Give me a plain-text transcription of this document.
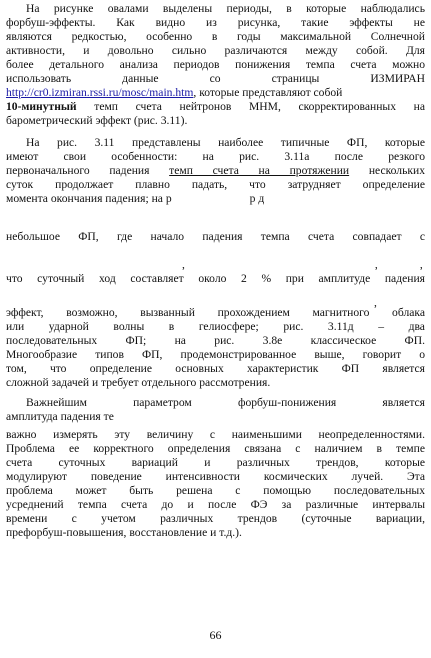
На рисунке овалами выделены периоды, в которые наблюдались
форбуш-эффекты. Как видно из рисунка, такие эффекты не
являются редкостью, особенно в годы максимальной Солнечной
активности, и довольно сильно различаются между собой. Для
более детального анализа периодов понижения темпа счета можно
использовать	данные	со	страницы	ИЗМИРАН
http://cr0.izmiran.rssi.ru/mosc/main.htm, которые представляют собой
10-минутный темп счета нейтронов МНМ, скорректированных на
барометрический эффект (рис. 3.11).
На рис. 3.11 представлены наиболее типичные ФП, которые
имеют свои особенности: на рис. 3.11а после резкого
первоначального падения темп счета на протяжении нескольких
суток продолжает плавно падать, что затрудняет определение
момента окончания падения; на р	р д
небольшое ФП, где начало падения темпа счета совпадает с
,	,	,
что суточный ход составляет около 2 % при амплитуде падения
,
эффект, возможно, вызванный прохождением магнитного облака
или ударной волны в гелиосфере; рис. 3.11д – два
последовательных ФП; на рис. 3.8е классическое ФП.
Многообразие типов ФП, продемонстрированное выше, говорит о
том, что определение основных характеристик ФП является
сложной задачей и требует отдельного рассмотрения.
Важнейшим	параметром	форбуш-понижения	является
амплитуда падения те
важно измерять эту величину с наименьшими неопределенностями.
Проблема ее корректного определения связана с наличием в темпе
счета суточных вариаций и различных трендов, которые
модулируют поведение интенсивности космических лучей. Эта
проблема может быть решена с помощью последовательных
усреднений темпа счета до и после ФЭ за различные интервалы
времени с учетом различных трендов (суточные вариации,
префорбуш-повышения, восстановление и т.д.).
66
